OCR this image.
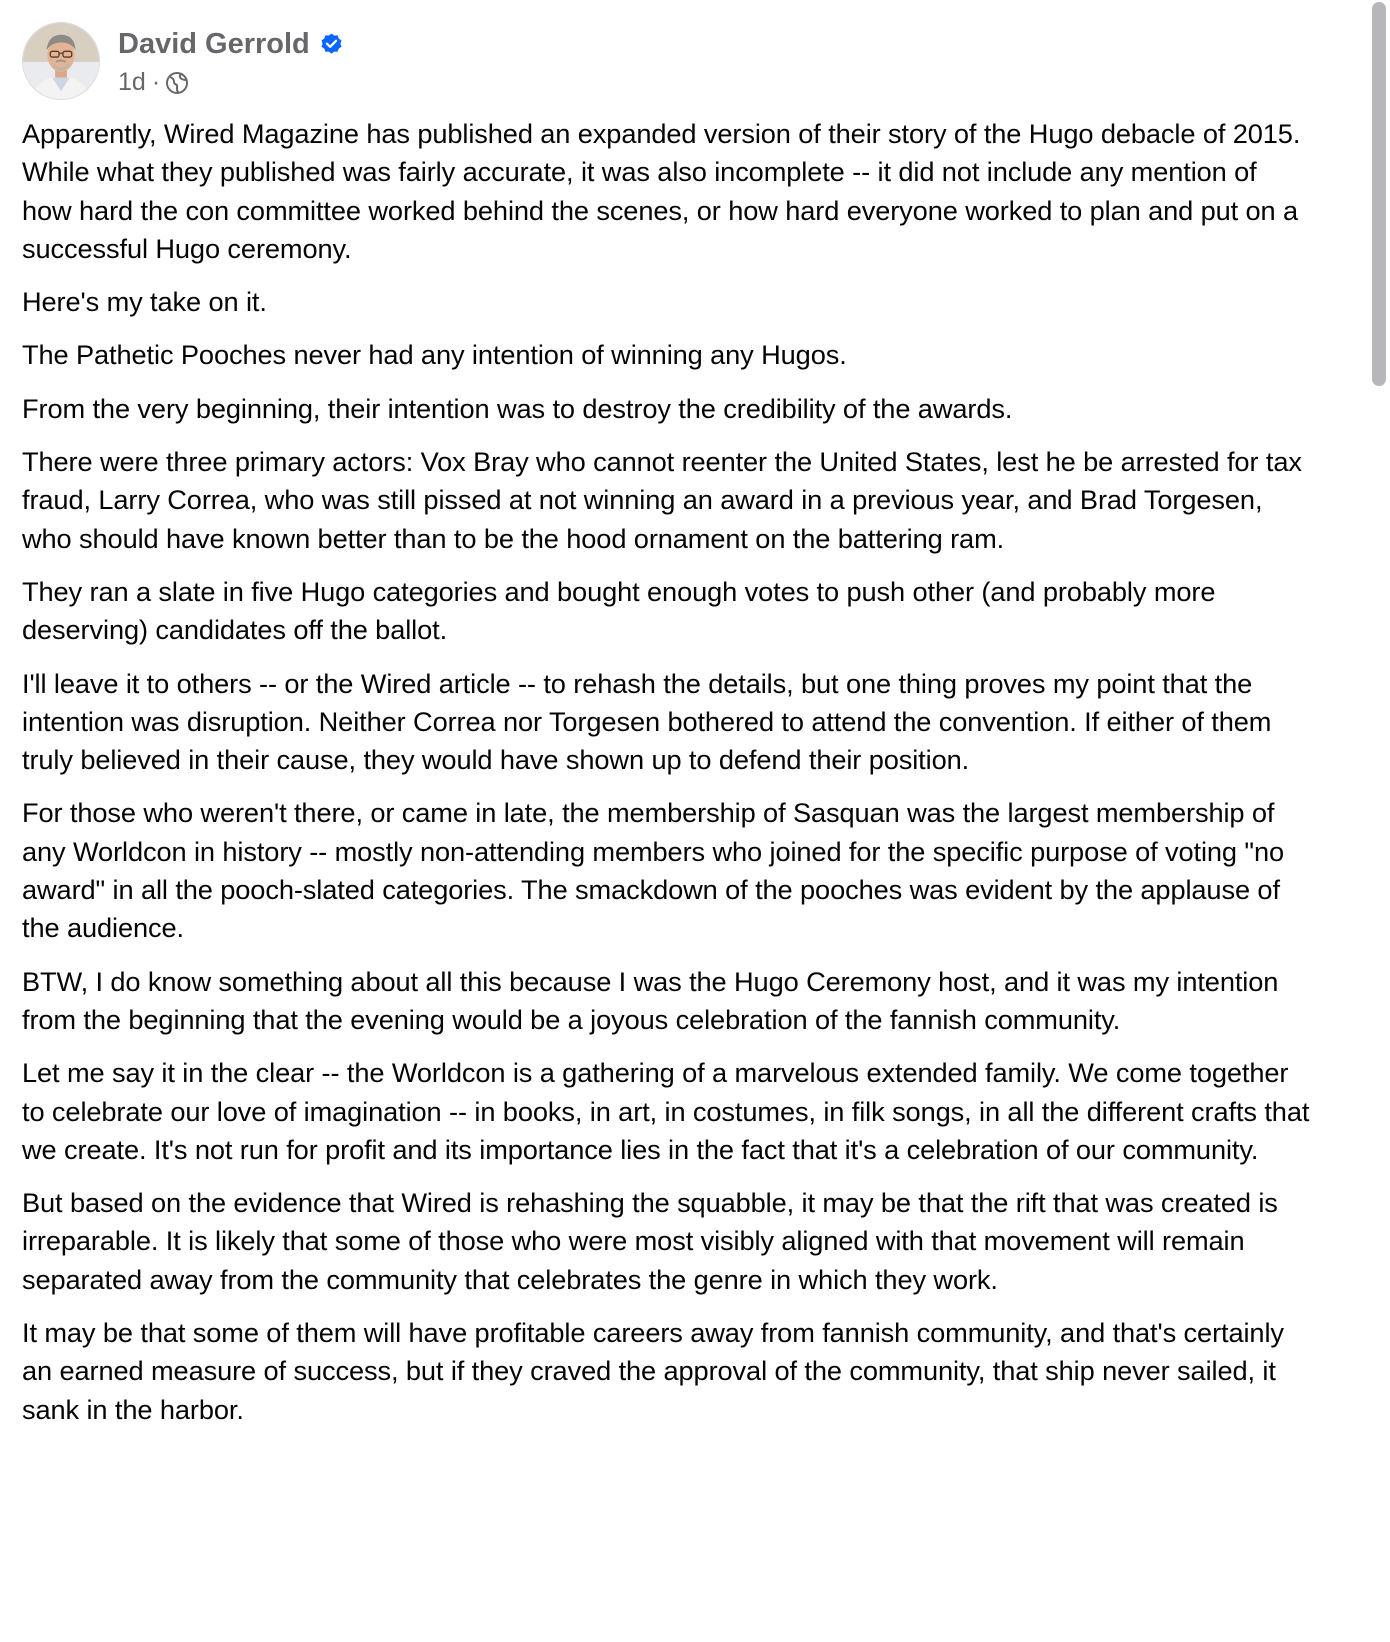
David Gerrold
1d ·

Apparently, Wired Magazine has published an expanded version of their story of the Hugo debacle of 2015. While what they published was fairly accurate, it was also incomplete -- it did not include any mention of how hard the con committee worked behind the scenes, or how hard everyone worked to plan and put on a successful Hugo ceremony.

Here's my take on it.

The Pathetic Pooches never had any intention of winning any Hugos.

From the very beginning, their intention was to destroy the credibility of the awards.

There were three primary actors: Vox Bray who cannot reenter the United States, lest he be arrested for tax fraud, Larry Correa, who was still pissed at not winning an award in a previous year, and Brad Torgesen, who should have known better than to be the hood ornament on the battering ram.

They ran a slate in five Hugo categories and bought enough votes to push other (and probably more deserving) candidates off the ballot.

I'll leave it to others -- or the Wired article -- to rehash the details, but one thing proves my point that the intention was disruption. Neither Correa nor Torgesen bothered to attend the convention. If either of them truly believed in their cause, they would have shown up to defend their position.

For those who weren't there, or came in late, the membership of Sasquan was the largest membership of any Worldcon in history -- mostly non-attending members who joined for the specific purpose of voting "no award" in all the pooch-slated categories. The smackdown of the pooches was evident by the applause of the audience.

BTW, I do know something about all this because I was the Hugo Ceremony host, and it was my intention from the beginning that the evening would be a joyous celebration of the fannish community.

Let me say it in the clear -- the Worldcon is a gathering of a marvelous extended family. We come together to celebrate our love of imagination -- in books, in art, in costumes, in filk songs, in all the different crafts that we create. It's not run for profit and its importance lies in the fact that it's a celebration of our community.

But based on the evidence that Wired is rehashing the squabble, it may be that the rift that was created is irreparable. It is likely that some of those who were most visibly aligned with that movement will remain separated away from the community that celebrates the genre in which they work.

It may be that some of them will have profitable careers away from fannish community, and that's certainly an earned measure of success, but if they craved the approval of the community, that ship never sailed, it sank in the harbor.
